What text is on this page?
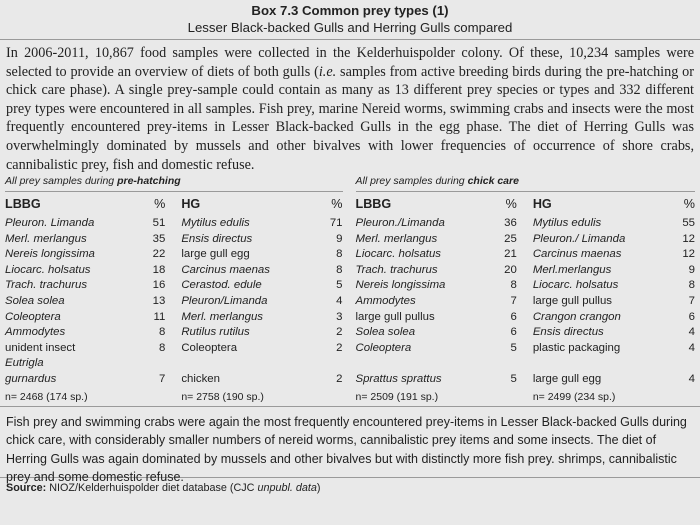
Box 7.3 Common prey types (1)
Lesser Black-backed Gulls and Herring Gulls compared
In 2006-2011, 10,867 food samples were collected in the Kelderhuispolder colony. Of these, 10,234 samples were selected to provide an overview of diets of both gulls (i.e. samples from active breeding birds during the pre-hatching or chick care phase). A single prey-sample could contain as many as 13 different prey species or types and 332 different prey types were encountered in all samples. Fish prey, marine Nereid worms, swimming crabs and insects were the most frequently encountered prey-items in Lesser Black-backed Gulls in the egg phase. The diet of Herring Gulls was overwhelmingly dominated by mussels and other bivalves with lower frequencies of occurrence of shore crabs, cannibalistic prey, fish and domestic refuse.
All prey samples during pre-hatching
LBBG	%	HG	%
Pleuron. Limanda	51	Mytilus edulis	71
Merl. merlangus	35	Ensis directus	9
Nereis longissima	22	large gull egg	8
Liocarc. holsatus	18	Carcinus maenas	8
Trach. trachurus	16	Cerastod. edule	5
Solea solea	13	Pleuron/Limanda	4
Coleoptera	11	Merl. merlangus	3
Ammodytes	8	Rutilus rutilus	2
unident insect	8	Coleoptera	2
Eutrigla			
gurnardus	7	chicken	2
n= 2468 (174 sp.)		n= 2758 (190 sp.)	
All prey samples during chick care
LBBG	%	HG	%
Pleuron./Limanda	36	Mytilus edulis	55
Merl. merlangus	25	Pleuron./ Limanda	12
Liocarc. holsatus	21	Carcinus maenas	12
Trach. trachurus	20	Merl.merlangus	9
Nereis longissima	8	Liocarc. holsatus	8
Ammodytes	7	large gull pullus	7
large gull pullus	6	Crangon crangon	6
Solea solea	6	Ensis directus	4
Coleoptera	5	plastic packaging	4

Sprattus sprattus	5	large gull egg	4
n= 2509 (191 sp.)		n= 2499 (234 sp.)	
Fish prey and swimming crabs were again the most frequently encountered prey-items in Lesser Black-backed Gulls during chick care, with considerably smaller numbers of nereid worms, cannibalistic prey items and some insects. The diet of Herring Gulls was again dominated by mussels and other bivalves but with distinctly more fish prey. shrimps, cannibalistic prey and some domestic refuse.
Source: NIOZ/Kelderhuispolder diet database (CJC unpubl. data)
